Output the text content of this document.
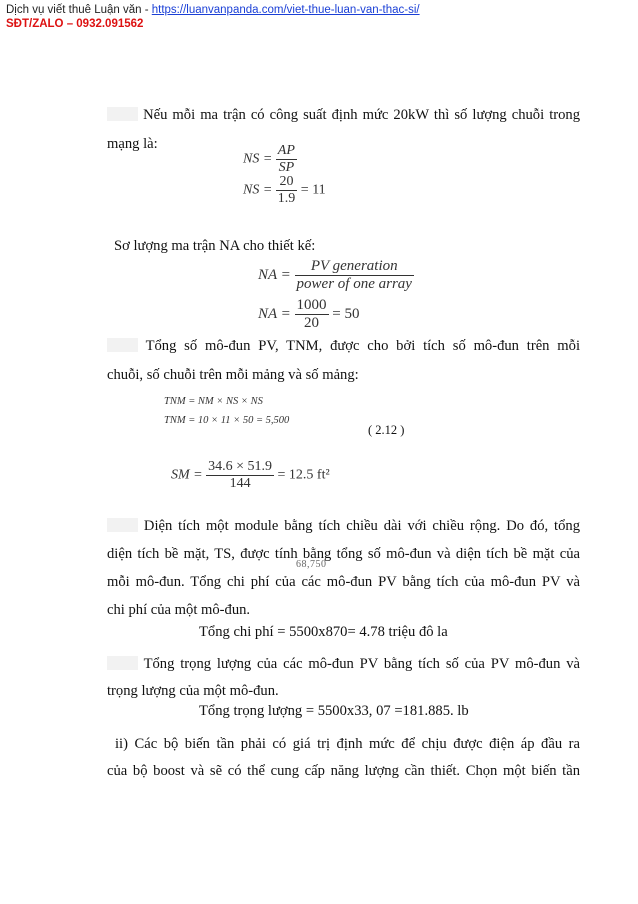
Dịch vụ viết thuê Luận văn - https://luanvanpanda.com/viet-thue-luan-van-thac-si/
SĐT/ZALO – 0932.091562
Nếu mỗi ma trận có công suất định mức 20kW thì số lượng chuỗi trong
mạng là:
NS = $\frac{AP}{SP}$
NS = $\frac{20}{1.9} = 11$
Sơ lượng ma trận NA cho thiết kế:
NA = $\frac{\text{PV generation}}{\text{power of one array}}$
NA = $\frac{1000}{20} = 50$
Tổng số mô-đun PV, TNM, được cho bởi tích số mô-đun trên mỗi
chuỗi, số chuỗi trên mỗi mảng và số mảng:
TNM = NM × NS × NS
TNM = 10 × 11 × 50 = 5,500
( 2.12 )
SM = $\frac{34.6 \times 51.9}{144} = 12.5$ ft²
Diện tích một module bằng tích chiều dài với chiều rộng. Do đó, tổng
diện tích bề mặt, TS, được tính bằng tổng số mô-đun và diện tích bề mặt của
68,750
mỗi mô-đun. Tổng chi phí của các mô-đun PV bằng tích của mô-đun PV và
chi phí của một mô-đun.
Tổng chi phí = 5500x870= 4.78 triệu đô la
Tổng trọng lượng của các mô-đun PV bằng tích số của PV mô-đun và
trọng lượng của một mô-đun.
Tổng trọng lượng = 5500x33, 07 =181.885. lb
ii) Các bộ biến tần phải có giá trị định mức để chịu được điện áp đầu ra
của bộ boost và sẽ có thể cung cấp năng lượng cần thiết. Chọn một biến tần
